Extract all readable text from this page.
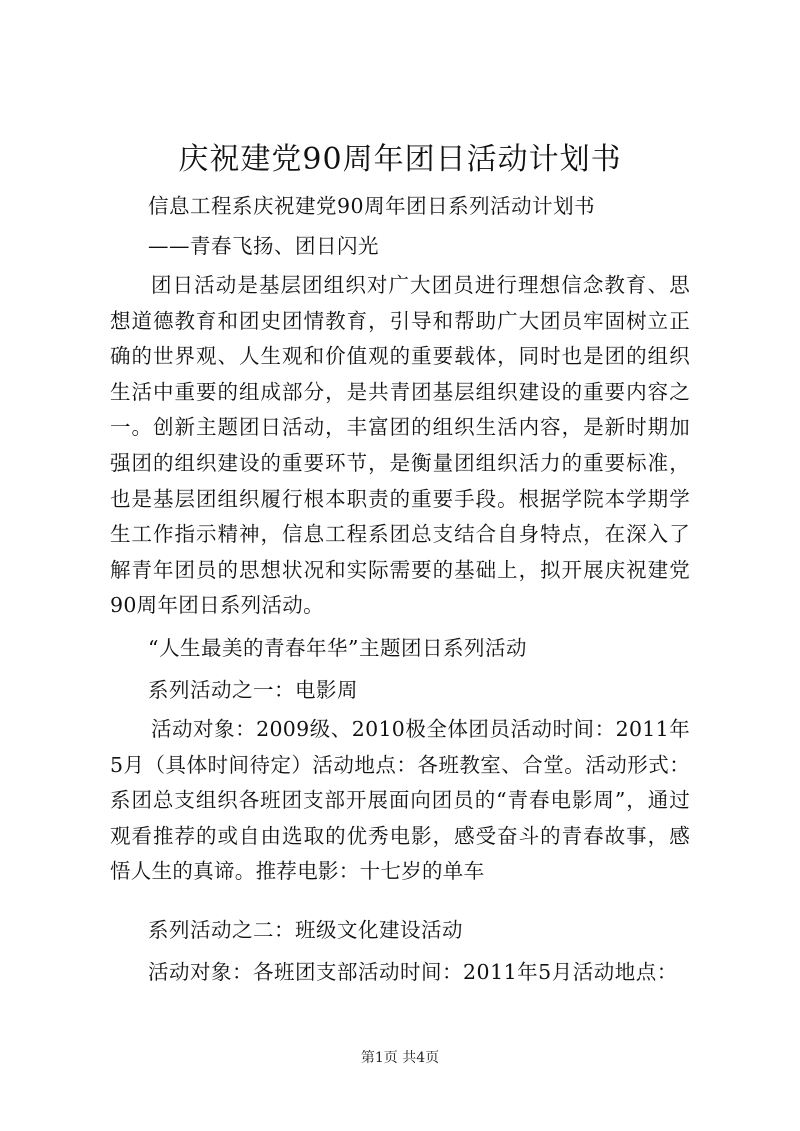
庆祝建党90周年团日活动计划书

信息工程系庆祝建党90周年团日系列活动计划书

——青春飞扬、团日闪光

团日活动是基层团组织对广大团员进行理想信念教育、思想道德教育和团史团情教育，引导和帮助广大团员牢固树立正确的世界观、人生观和价值观的重要载体，同时也是团的组织生活中重要的组成部分，是共青团基层组织建设的重要内容之一。创新主题团日活动，丰富团的组织生活内容，是新时期加强团的组织建设的重要环节，是衡量团组织活力的重要标准，也是基层团组织履行根本职责的重要手段。根据学院本学期学生工作指示精神，信息工程系团总支结合自身特点，在深入了解青年团员的思想状况和实际需要的基础上，拟开展庆祝建党90周年团日系列活动。

“人生最美的青春年华”主题团日系列活动

系列活动之一：电影周

活动对象：2009级、2010极全体团员活动时间：2011年5月（具体时间待定）活动地点：各班教室、合堂。活动形式：系团总支组织各班团支部开展面向团员的“青春电影周”，通过观看推荐的或自由选取的优秀电影，感受奋斗的青春故事，感悟人生的真谛。推荐电影：十七岁的单车

系列活动之二：班级文化建设活动

活动对象：各班团支部活动时间：2011年5月活动地点：

第1页 共4页
